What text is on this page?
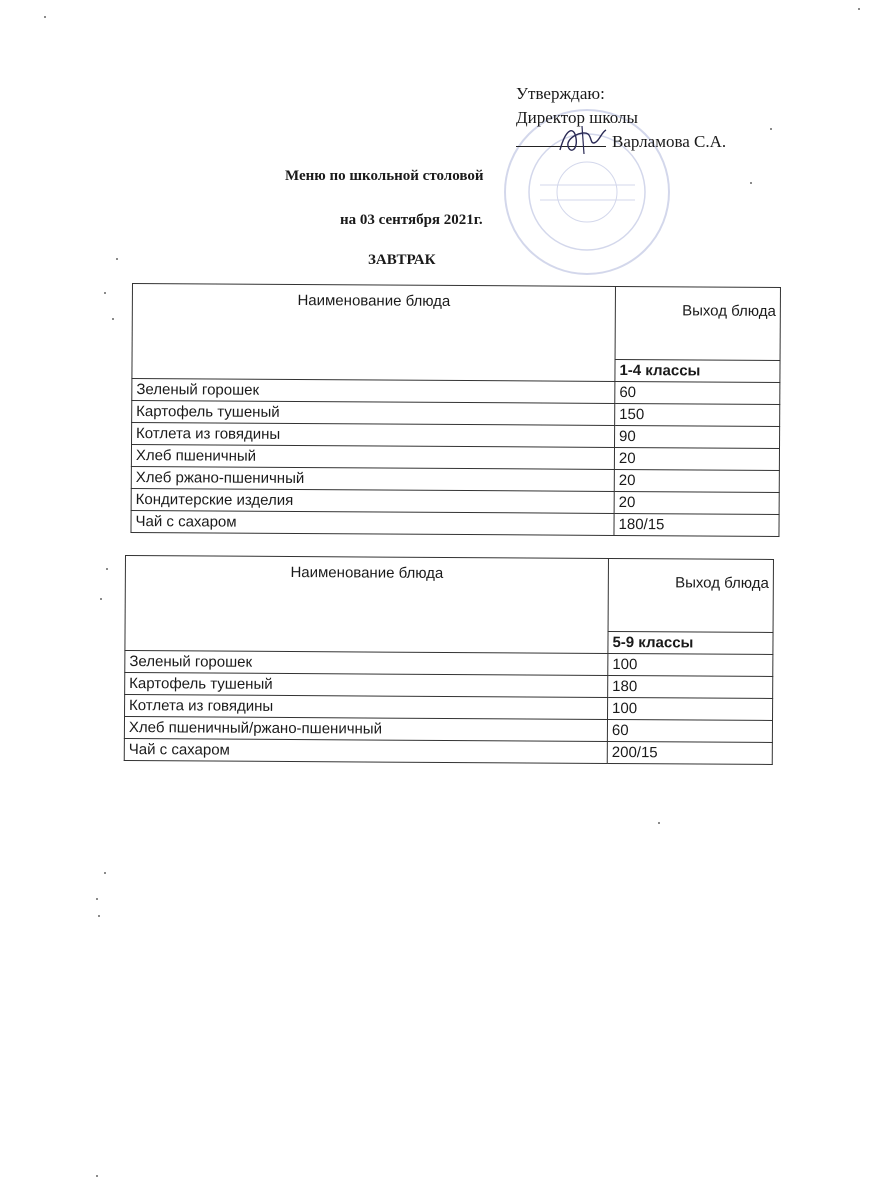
Утверждаю:
Директор школы
Варламова С.А.
Меню по школьной столовой
на 03 сентября 2021г.
ЗАВТРАК
Наименование блюда	Выход блюда
	1-4 классы
Зеленый горошек	60
Картофель тушеный	150
Котлета из говядины	90
Хлеб пшеничный	20
Хлеб ржано-пшеничный	20
Кондитерские изделия	20
Чай с сахаром	180/15
Наименование блюда	Выход блюда
	5-9 классы
Зеленый горошек	100
Картофель тушеный	180
Котлета из говядины	100
Хлеб пшеничный/ржано-пшеничный	60
Чай с сахаром	200/15
